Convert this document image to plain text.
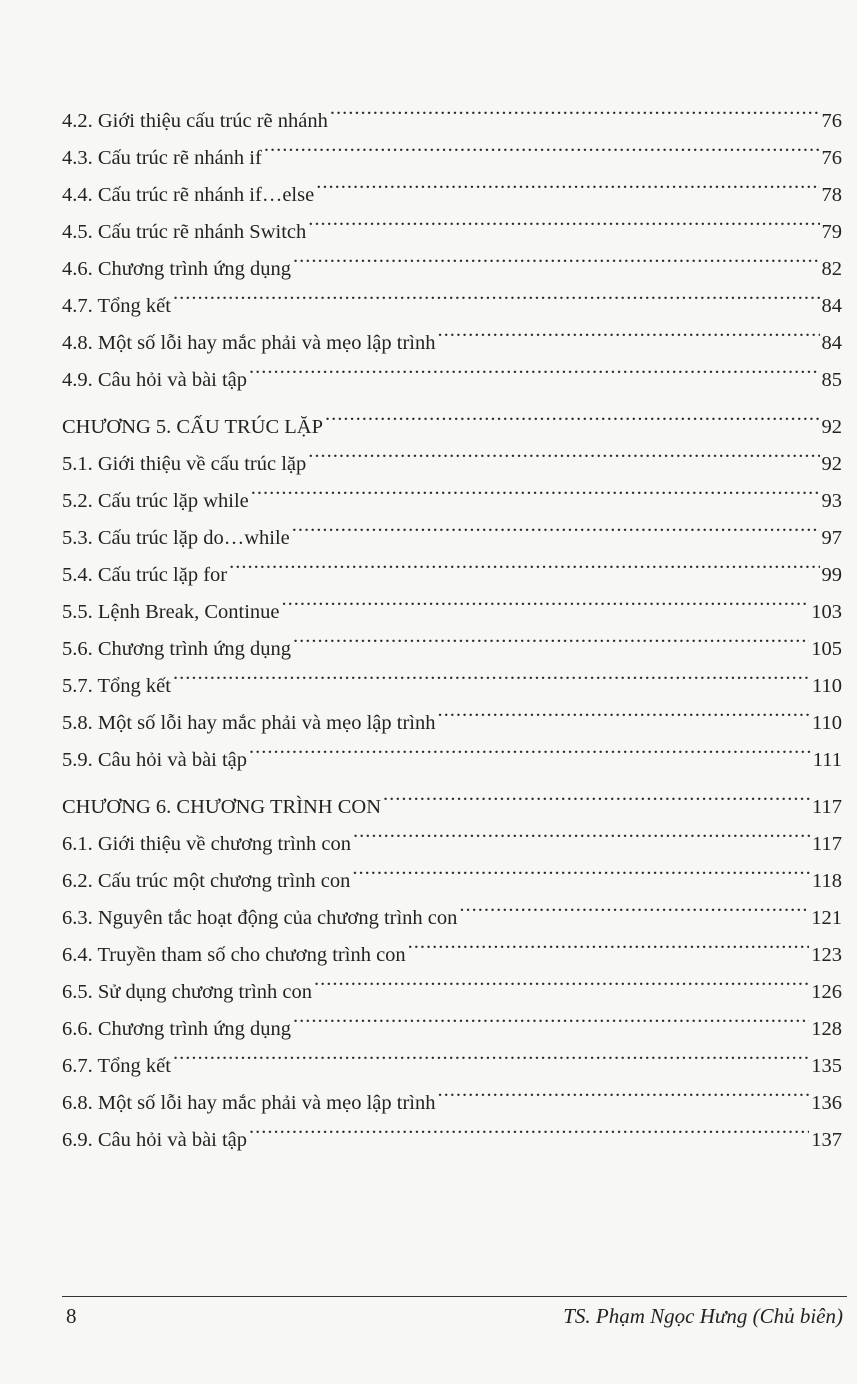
4.2. Giới thiệu cấu trúc rẽ nhánh .....	76
4.3. Cấu trúc rẽ nhánh if .....	76
4.4. Cấu trúc rẽ nhánh if…else .....	78
4.5. Cấu trúc rẽ nhánh Switch .....	79
4.6. Chương trình ứng dụng .....	82
4.7. Tổng kết .....	84
4.8. Một số lỗi hay mắc phải và mẹo lập trình .....	84
4.9. Câu hỏi và bài tập .....	85
CHƯƠNG 5. CẤU TRÚC LẶP .....	92
5.1. Giới thiệu về cấu trúc lặp .....	92
5.2. Cấu trúc lặp while .....	93
5.3. Cấu trúc lặp do…while .....	97
5.4. Cấu trúc lặp for .....	99
5.5. Lệnh Break, Continue .....	103
5.6. Chương trình ứng dụng .....	105
5.7. Tổng kết .....	110
5.8. Một số lỗi hay mắc phải và mẹo lập trình .....	110
5.9. Câu hỏi và bài tập .....	111
CHƯƠNG 6. CHƯƠNG TRÌNH CON .....	117
6.1. Giới thiệu về chương trình con .....	117
6.2. Cấu trúc một chương trình con .....	118
6.3. Nguyên tắc hoạt động của chương trình con .....	121
6.4. Truyền tham số cho chương trình con .....	123
6.5. Sử dụng chương trình con .....	126
6.6. Chương trình ứng dụng .....	128
6.7. Tổng kết .....	135
6.8. Một số lỗi hay mắc phải và mẹo lập trình .....	136
6.9. Câu hỏi và bài tập .....	137
8	TS. Phạm Ngọc Hưng (Chủ biên)
